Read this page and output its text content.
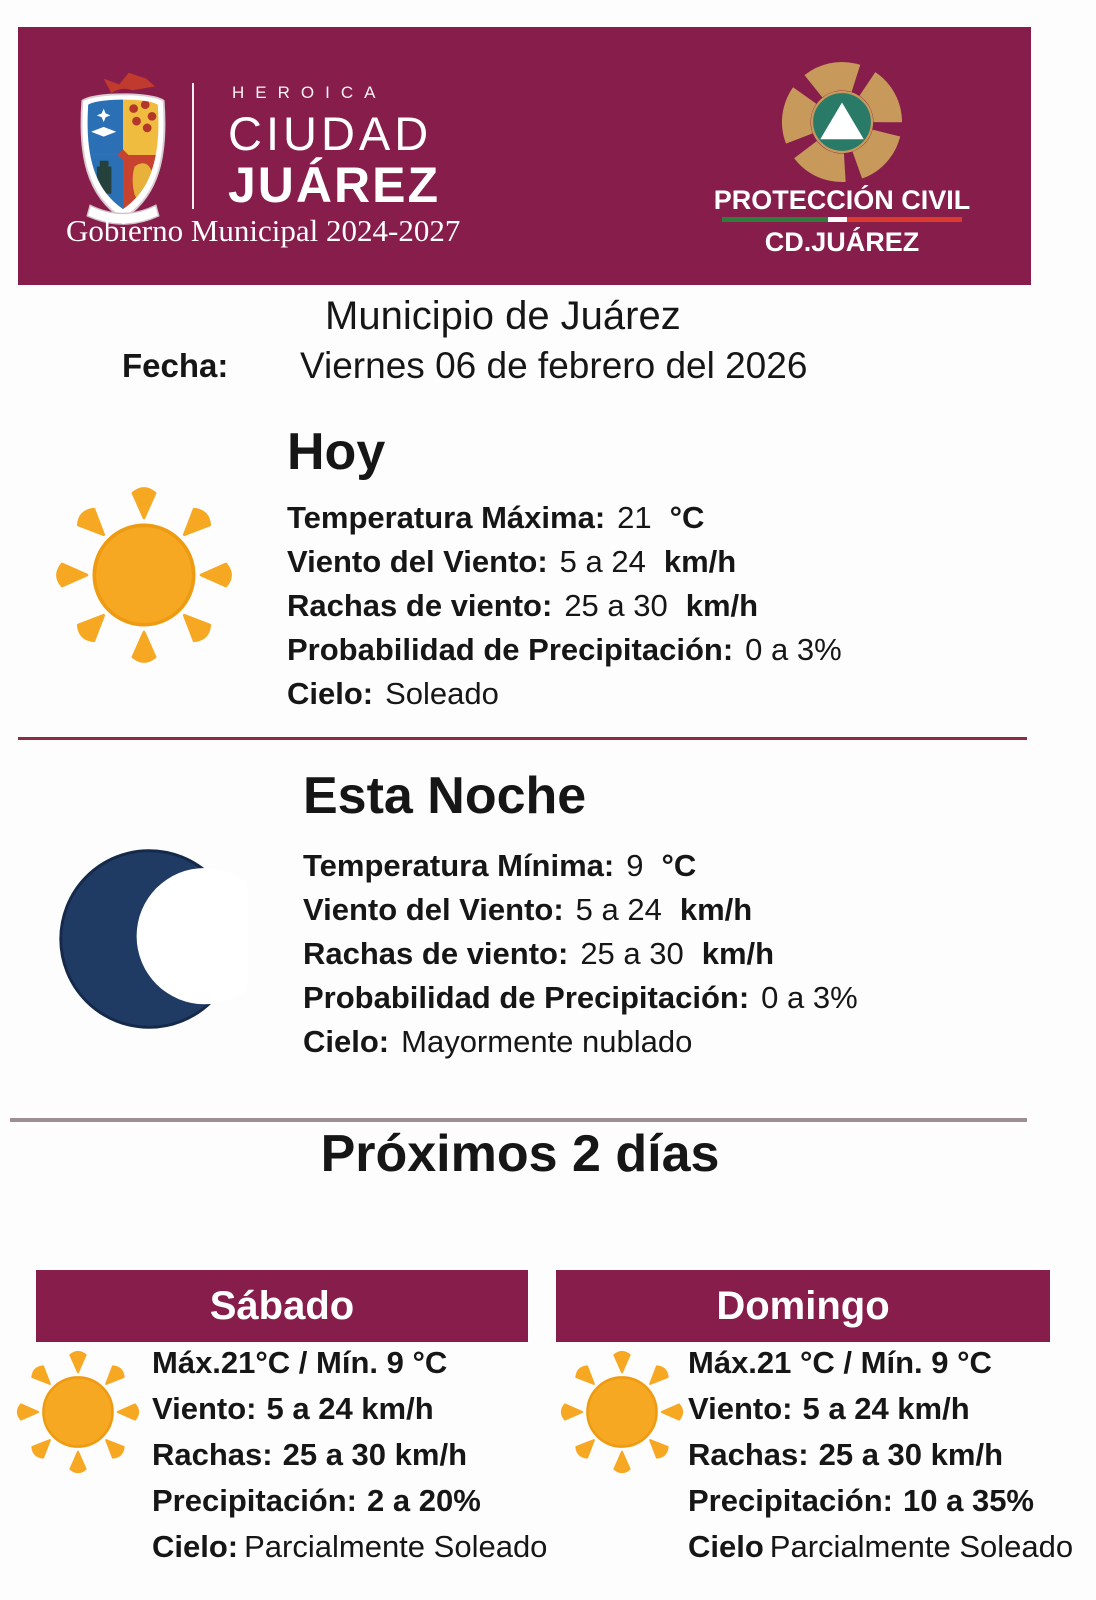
HEROICA
CIUDAD
JUÁREZ
Gobierno Municipal 2024-2027
PROTECCIÓN CIVIL
CD.JUÁREZ
Municipio de Juárez
Fecha: Viernes 06 de febrero del 2026
Hoy
Temperatura Máxima: 21 °C
Viento del Viento: 5 a 24 km/h
Rachas de viento: 25 a 30 km/h
Probabilidad de Precipitación: 0 a 3%
Cielo: Soleado
Esta Noche
Temperatura Mínima: 9 °C
Viento del Viento: 5 a 24 km/h
Rachas de viento: 25 a 30 km/h
Probabilidad de Precipitación: 0 a 3%
Cielo: Mayormente nublado
Próximos 2 días
Sábado
Máx.21°C / Mín. 9 °C
Viento: 5 a 24 km/h
Rachas: 25 a 30 km/h
Precipitación: 2 a 20%
Cielo: Parcialmente Soleado
Domingo
Máx.21 °C / Mín. 9 °C
Viento: 5 a 24 km/h
Rachas: 25 a 30 km/h
Precipitación: 10 a 35%
Cielo Parcialmente Soleado
